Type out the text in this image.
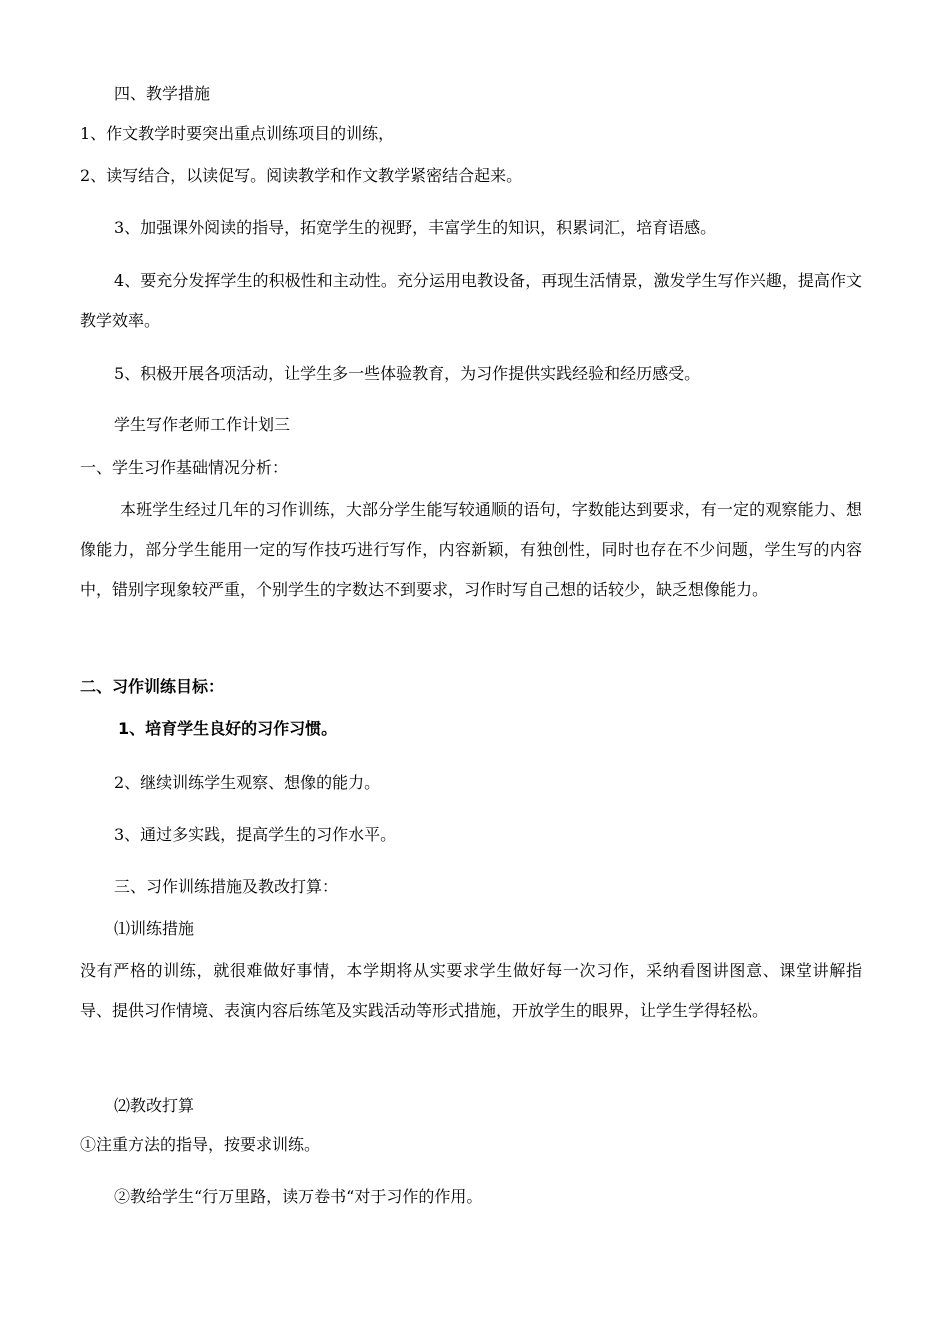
四、教学措施
1、作文教学时要突出重点训练项目的训练，
2、读写结合，以读促写。阅读教学和作文教学紧密结合起来。
3、加强课外阅读的指导，拓宽学生的视野，丰富学生的知识，积累词汇，培育语感。
4、要充分发挥学生的积极性和主动性。充分运用电教设备，再现生活情景，激发学生写作兴趣，提高作文教学效率。
5、积极开展各项活动，让学生多一些体验教育，为习作提供实践经验和经历感受。
学生写作老师工作计划三
一、学生习作基础情况分析：
本班学生经过几年的习作训练，大部分学生能写较通顺的语句，字数能达到要求，有一定的观察能力、想像能力，部分学生能用一定的写作技巧进行写作，内容新颖，有独创性，同时也存在不少问题，学生写的内容中，错别字现象较严重，个别学生的字数达不到要求，习作时写自己想的话较少，缺乏想像能力。
二、习作训练目标：
1、培育学生良好的习作习惯。
2、继续训练学生观察、想像的能力。
3、通过多实践，提高学生的习作水平。
三、习作训练措施及教改打算：
⑴训练措施
没有严格的训练，就很难做好事情，本学期将从实要求学生做好每一次习作，采纳看图讲图意、课堂讲解指导、提供习作情境、表演内容后练笔及实践活动等形式措施，开放学生的眼界，让学生学得轻松。
⑵教改打算
①注重方法的指导，按要求训练。
②教给学生“行万里路，读万卷书“对于习作的作用。
